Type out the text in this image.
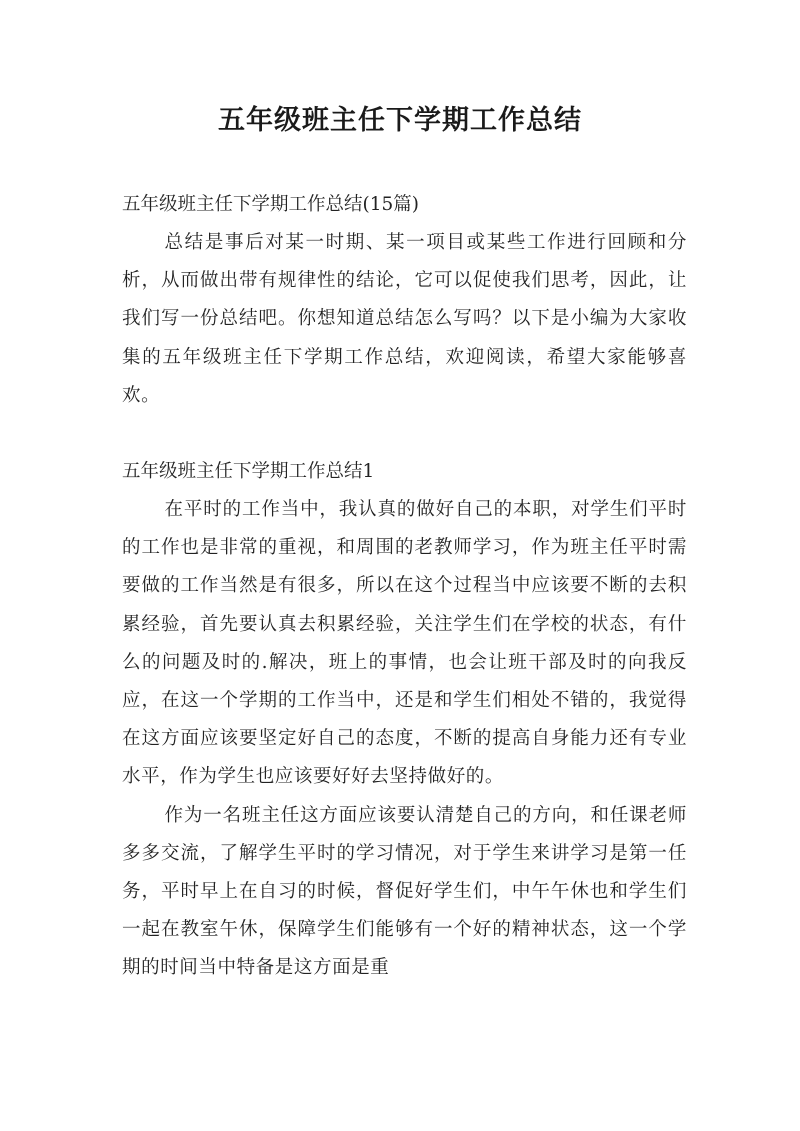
五年级班主任下学期工作总结

五年级班主任下学期工作总结(15篇)

总结是事后对某一时期、某一项目或某些工作进行回顾和分析，从而做出带有规律性的结论，它可以促使我们思考，因此，让我们写一份总结吧。你想知道总结怎么写吗？以下是小编为大家收集的五年级班主任下学期工作总结，欢迎阅读，希望大家能够喜欢。

五年级班主任下学期工作总结1

在平时的工作当中，我认真的做好自己的本职，对学生们平时的工作也是非常的重视，和周围的老教师学习，作为班主任平时需要做的工作当然是有很多，所以在这个过程当中应该要不断的去积累经验，首先要认真去积累经验，关注学生们在学校的状态，有什么的问题及时的.解决，班上的事情，也会让班干部及时的向我反应，在这一个学期的工作当中，还是和学生们相处不错的，我觉得在这方面应该要坚定好自己的态度，不断的提高自身能力还有专业水平，作为学生也应该要好好去坚持做好的。

作为一名班主任这方面应该要认清楚自己的方向，和任课老师多多交流，了解学生平时的学习情况，对于学生来讲学习是第一任务，平时早上在自习的时候，督促好学生们，中午午休也和学生们一起在教室午休，保障学生们能够有一个好的精神状态，这一个学期的时间当中特备是这方面是重
